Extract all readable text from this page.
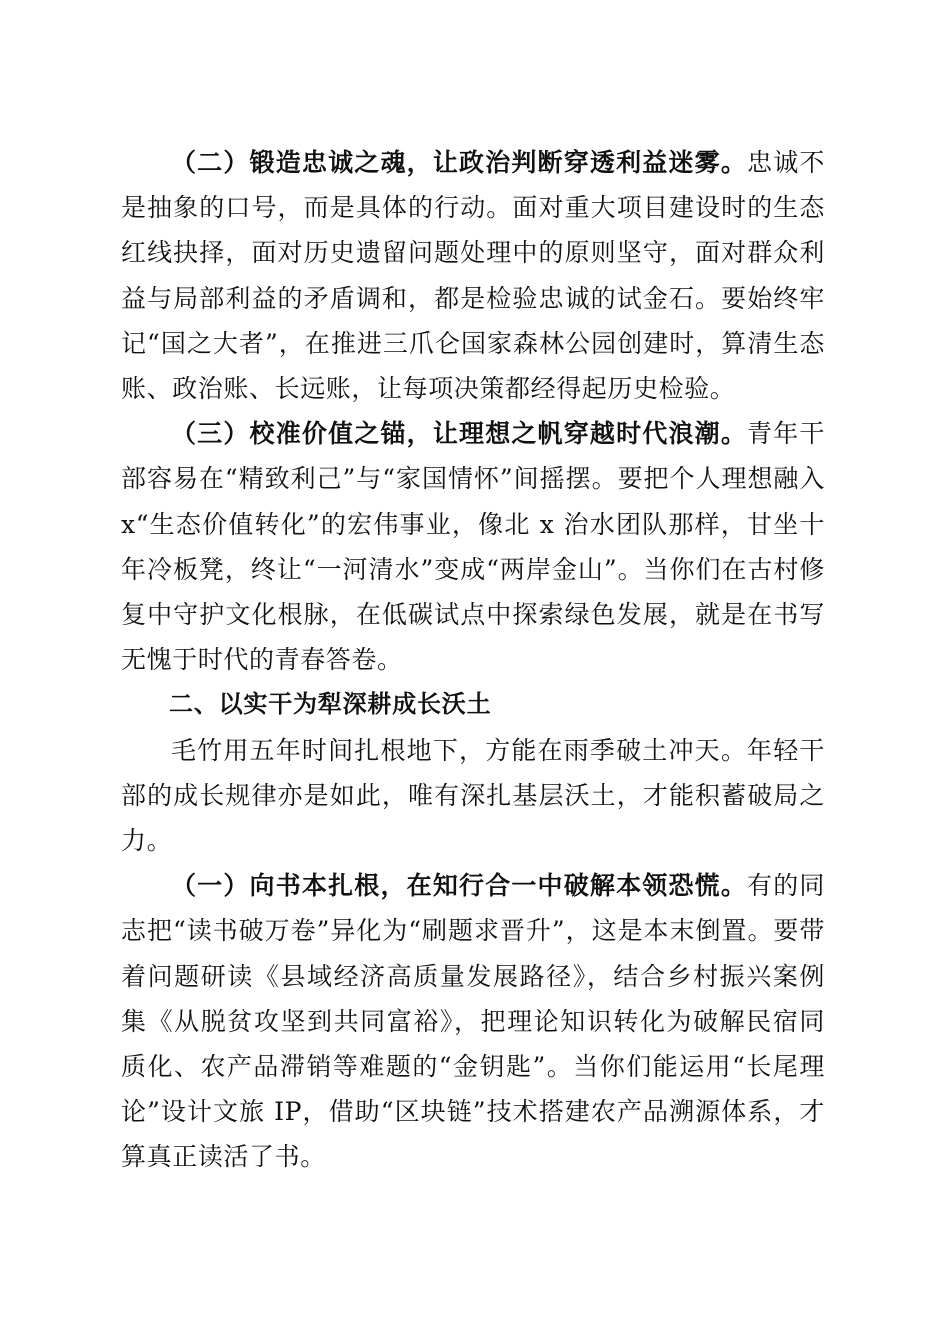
（二）锻造忠诚之魂，让政治判断穿透利益迷雾。忠诚不是抽象的口号，而是具体的行动。面对重大项目建设时的生态红线抉择，面对历史遗留问题处理中的原则坚守，面对群众利益与局部利益的矛盾调和，都是检验忠诚的试金石。要始终牢记“国之大者”，在推进三爪仑国家森林公园创建时，算清生态账、政治账、长远账，让每项决策都经得起历史检验。

（三）校准价值之锚，让理想之帆穿越时代浪潮。青年干部容易在“精致利己”与“家国情怀”间摇摆。要把个人理想融入 x“生态价值转化”的宏伟事业，像北 x 治水团队那样，甘坐十年冷板凳，终让“一河清水”变成“两岸金山”。当你们在古村修复中守护文化根脉，在低碳试点中探索绿色发展，就是在书写无愧于时代的青春答卷。

二、以实干为犁深耕成长沃土

毛竹用五年时间扎根地下，方能在雨季破土冲天。年轻干部的成长规律亦是如此，唯有深扎基层沃土，才能积蓄破局之力。

（一）向书本扎根，在知行合一中破解本领恐慌。有的同志把“读书破万卷”异化为“刷题求晋升”，这是本末倒置。要带着问题研读《县域经济高质量发展路径》，结合乡村振兴案例集《从脱贫攻坚到共同富裕》，把理论知识转化为破解民宿同质化、农产品滞销等难题的“金钥匙”。当你们能运用“长尾理论”设计文旅 IP，借助“区块链”技术搭建农产品溯源体系，才算真正读活了书。
